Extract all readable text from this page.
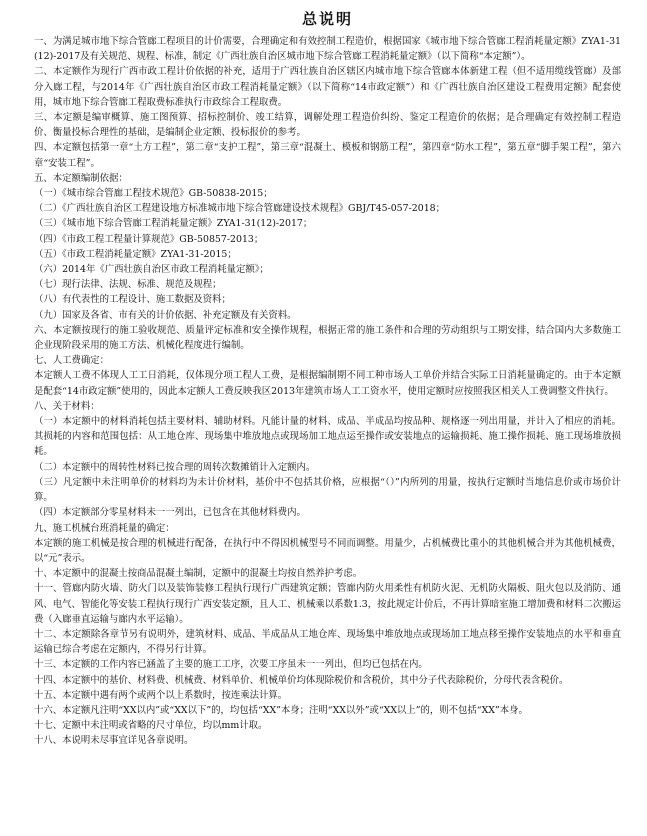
总说明

一、为满足城市地下综合管廊工程项目的计价需要，合理确定和有效控制工程造价，根据国家《城市地下综合管廊工程消耗量定额》ZYA1-31(12)-2017及有关规范、规程、标准，制定《广西壮族自治区城市地下综合管廊工程消耗量定额》（以下简称“本定额”）。

二、本定额作为现行广西市政工程计价依据的补充，适用于广西壮族自治区辖区内城市地下综合管廊本体新建工程（但不适用缆线管廊）及部分入廊工程，与2014年《广西壮族自治区市政工程消耗量定额》（以下简称“14市政定额”）和《广西壮族自治区建设工程费用定额》配套使用，城市地下综合管廊工程取费标准执行市政综合工程取费。

三、本定额是编审概算、施工图预算、招标控制价、竣工结算，调解处理工程造价纠纷、鉴定工程造价的依据；是合理确定有效控制工程造价、衡量投标合理性的基础，是编制企业定额、投标报价的参考。

四、本定额包括第一章“土方工程”，第二章“支护工程”，第三章“混凝土、模板和钢筋工程”，第四章“防水工程”，第五章“脚手架工程”，第六章“安装工程”。

五、本定额编制依据：

（一）《城市综合管廊工程技术规范》GB-50838-2015；

（二）《广西壮族自治区工程建设地方标准城市地下综合管廊建设技术规程》GBJ/T45-057-2018；

（三）《城市地下综合管廊工程消耗量定额》ZYA1-31(12)-2017；

（四）《市政工程工程量计算规范》GB-50857-2013；

（五）《市政工程消耗量定额》ZYA1-31-2015；

（六）2014年《广西壮族自治区市政工程消耗量定额》；

（七）现行法律、法规、标准、规范及规程；

（八）有代表性的工程设计、施工数据及资料；

（九）国家及各省、市有关的计价依据、补充定额及有关资料。

六、本定额按现行的施工验收规范、质量评定标准和安全操作规程，根据正常的施工条件和合理的劳动组织与工期安排，结合国内大多数施工企业现阶段采用的施工方法、机械化程度进行编制。

七、人工费确定：

本定额人工费不体现人工工日消耗，仅体现分项工程人工费，是根据编制期不同工种市场人工单价并结合实际工日消耗量确定的。由于本定额是配套“14市政定额”使用的，因此本定额人工费反映我区2013年建筑市场人工工资水平，使用定额时应按照我区相关人工费调整文件执行。

八、关于材料：

（一）本定额中的材料消耗包括主要材料、辅助材料。凡能计量的材料、成品、半成品均按品种、规格逐一列出用量，并计入了相应的消耗。其损耗的内容和范围包括：从工地仓库、现场集中堆放地点或现场加工地点运至操作或安装地点的运输损耗、施工操作损耗、施工现场堆放损耗。

（二）本定额中的周转性材料已按合理的周转次数摊销计入定额内。

（三）凡定额中未注明单价的材料均为未计价材料，基价中不包括其价格，应根据“（）”内所列的用量，按执行定额时当地信息价或市场价计算。

（四）本定额部分零星材料未一一列出，已包含在其他材料费内。

九、施工机械台班消耗量的确定：

本定额的施工机械是按合理的机械进行配备，在执行中不得因机械型号不同而调整。用量少，占机械费比重小的其他机械合并为其他机械费，以“元”表示。

十、本定额中的混凝土按商品混凝土编制，定额中的混凝土均按自然养护考虑。

十一、管廊内防火墙、防火门以及装饰装修工程执行现行广西建筑定额；管廊内防火用柔性有机防火泥、无机防火隔板、阻火包以及消防、通风、电气、智能化等安装工程执行现行广西安装定额，且人工、机械乘以系数1.3，按此规定计价后，不再计算暗室施工增加费和材料二次搬运费（入廊垂直运输与廊内水平运输）。

十二、本定额除各章节另有说明外，建筑材料、成品、半成品从工地仓库、现场集中堆放地点或现场加工地点移至操作安装地点的水平和垂直运输已综合考虑在定额内，不得另行计算。

十三、本定额的工作内容已涵盖了主要的施工工序，次要工序虽未一一列出，但均已包括在内。

十四、本定额中的基价、材料费、机械费、材料单价、机械单价均体现除税价和含税价，其中分子代表除税价，分母代表含税价。

十五、本定额中遇有两个或两个以上系数时，按连乘法计算。

十六、本定额凡注明“XX以内”或“XX以下”的，均包括“XX”本身；注明“XX以外”或“XX以上”的，则不包括“XX”本身。

十七、定额中未注明或省略的尺寸单位，均以mm计取。

十八、本说明未尽事宜详见各章说明。
